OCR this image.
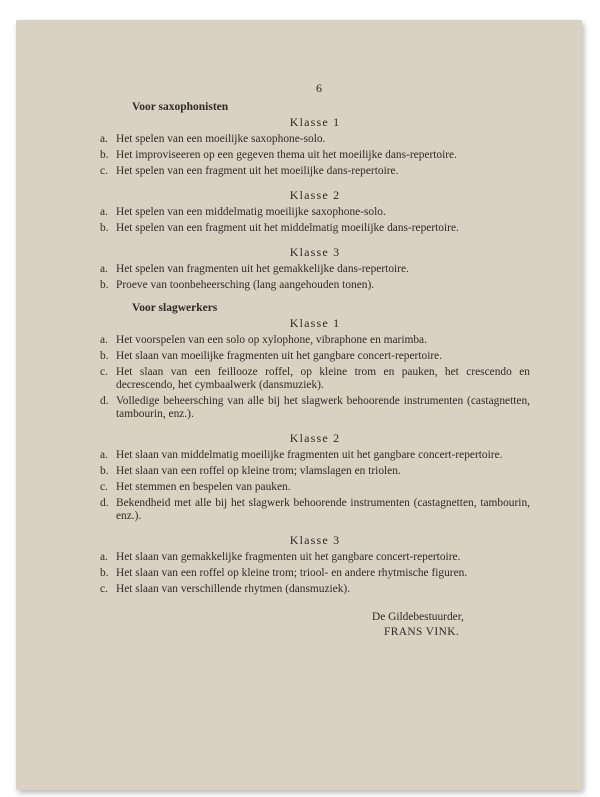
6
Voor saxophonisten
Klasse 1
a. Het spelen van een moeilijke saxophone-solo.
b. Het improviseeren op een gegeven thema uit het moeilijke dans-repertoire.
c. Het spelen van een fragment uit het moeilijke dans-repertoire.
Klasse 2
a. Het spelen van een middelmatig moeilijke saxophone-solo.
b. Het spelen van een fragment uit het middelmatig moeilijke dans-repertoire.
Klasse 3
a. Het spelen van fragmenten uit het gemakkelijke dans-repertoire.
b. Proeve van toonbeheersching (lang aangehouden tonen).
Voor slagwerkers
Klasse 1
a. Het voorspelen van een solo op xylophone, vibraphone en marimba.
b. Het slaan van moeilijke fragmenten uit het gangbare concert-repertoire.
c. Het slaan van een feillooze roffel, op kleine trom en pauken, het crescendo en decrescendo, het cymbaalwerk (dansmuziek).
d. Volledige beheersching van alle bij het slagwerk behoorende instrumenten (castagnetten, tambourin, enz.).
Klasse 2
a. Het slaan van middelmatig moeilijke fragmenten uit het gangbare concert-repertoire.
b. Het slaan van een roffel op kleine trom; vlamslagen en triolen.
c. Het stemmen en bespelen van pauken.
d. Bekendheid met alle bij het slagwerk behoorende instrumenten (castagnetten, tambourin, enz.).
Klasse 3
a. Het slaan van gemakkelijke fragmenten uit het gangbare concert-repertoire.
b. Het slaan van een roffel op kleine trom; triool- en andere rhytmische figuren.
c. Het slaan van verschillende rhytmen (dansmuziek).
De Gildebestuurder,
FRANS VINK.
